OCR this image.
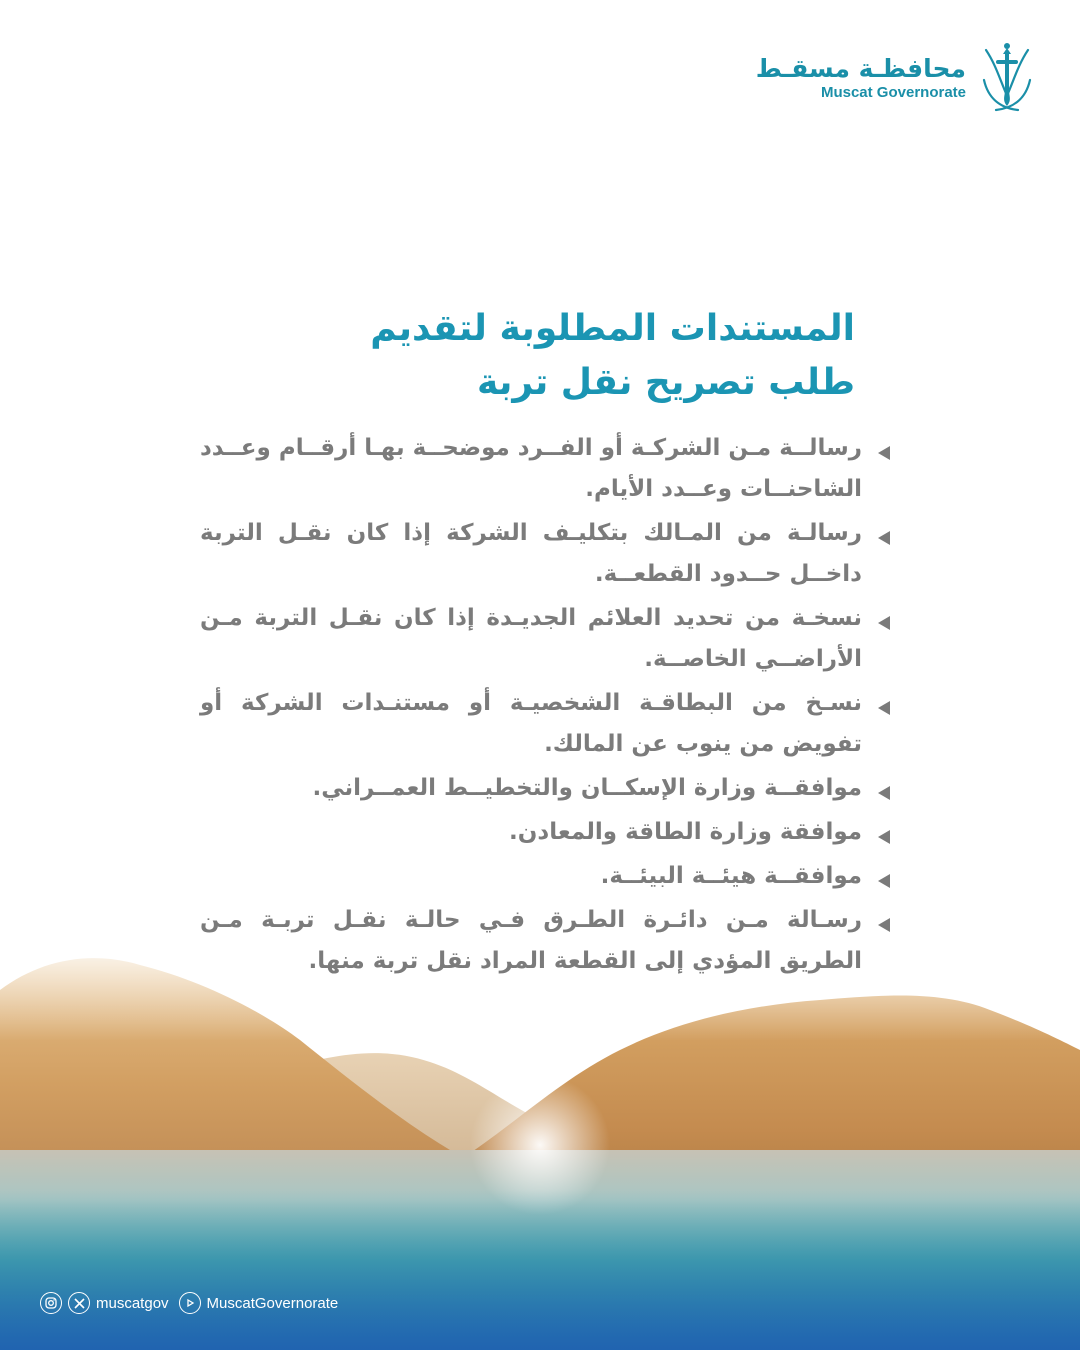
محافظـة مسقـط
Muscat Governorate
المستندات المطلوبة لتقديم
طلب تصريح نقل تربة
رسالــة مـن الشركـة أو الفــرد موضحــة بهـا أرقــام وعــدد الشاحنــات وعــدد الأيام.
رسالـة من المـالك بتكليـف الشركة إذا كان نقـل التربة داخــل حــدود القطعــة.
نسخـة من تحديد العلائم الجديـدة إذا كان نقـل التربة مـن الأراضــي الخاصــة.
نسـخ من البطاقـة الشخصيـة أو مستنـدات الشركة أو تفويض من ينوب عن المالك.
موافقــة وزارة الإسكــان والتخطيــط العمــراني.
موافقة وزارة الطاقة والمعادن.
موافقــة هيئــة البيئــة.
رسـالة مـن دائـرة الطـرق فـي حالـة نقـل تربـة مـن الطريق المؤدي إلى القطعة المراد نقل تربة منها.
muscatgov	MuscatGovernorate
